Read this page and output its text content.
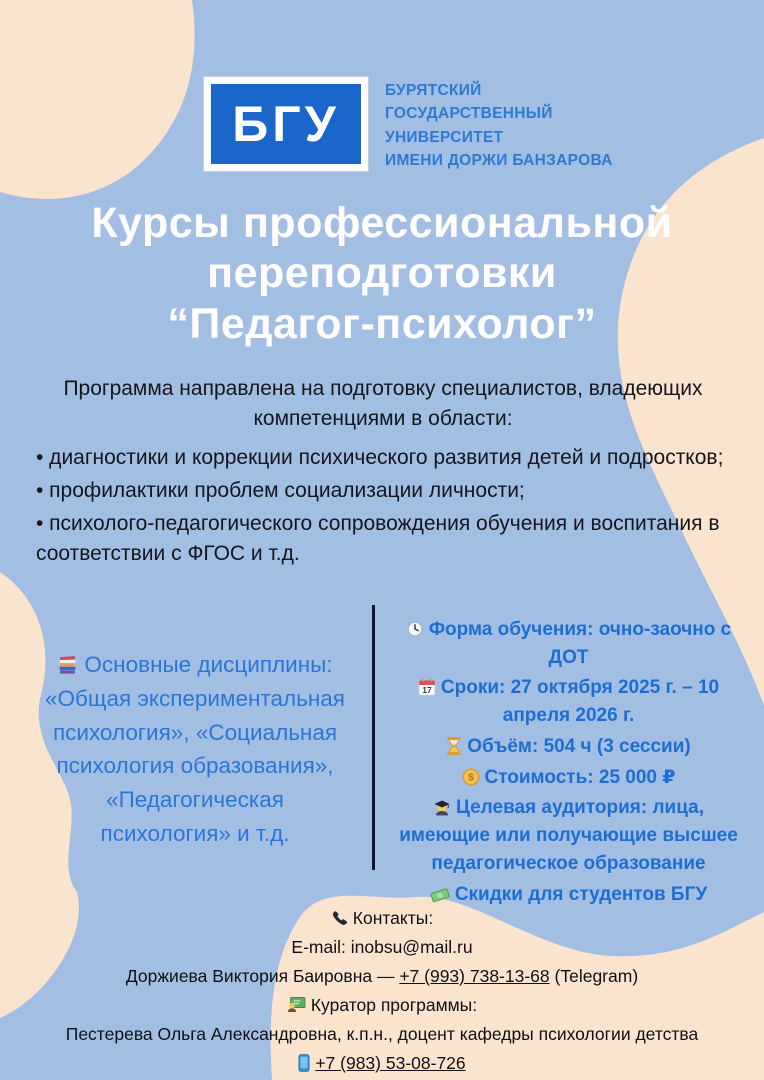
БГУ
БУРЯТСКИЙ
ГОСУДАРСТВЕННЫЙ
УНИВЕРСИТЕТ
ИМЕНИ ДОРЖИ БАНЗАРОВА
Курсы профессиональной
переподготовки
“Педагог-психолог”

Программа направлена на подготовку специалистов, владеющих компетенциями в области:

• диагностики и коррекции психического развития детей и подростков;

• профилактики проблем социализации личности;

• психолого-педагогического сопровождения обучения и воспитания в соответствии с ФГОС и т.д.

Основные дисциплины: «Общая экспериментальная психология», «Социальная психология образования», «Педагогическая психология» и т.д.

Форма обучения: очно-заочно с ДОТ

17 Сроки: 27 октября 2025 г. – 10 апреля 2026 г.

Объём: 504 ч (3 сессии)

$ Стоимость: 25 000 ₽

Целевая аудитория: лица, имеющие или получающие высшее педагогическое образование

Скидки для студентов БГУ

Контакты:

E-mail: inobsu@mail.ru

Доржиева Виктория Баировна — +7 (993) 738-13-68 (Telegram)

Куратор программы:

Пестерева Ольга Александровна, к.п.н., доцент кафедры психологии детства

+7 (983) 53-08-726
